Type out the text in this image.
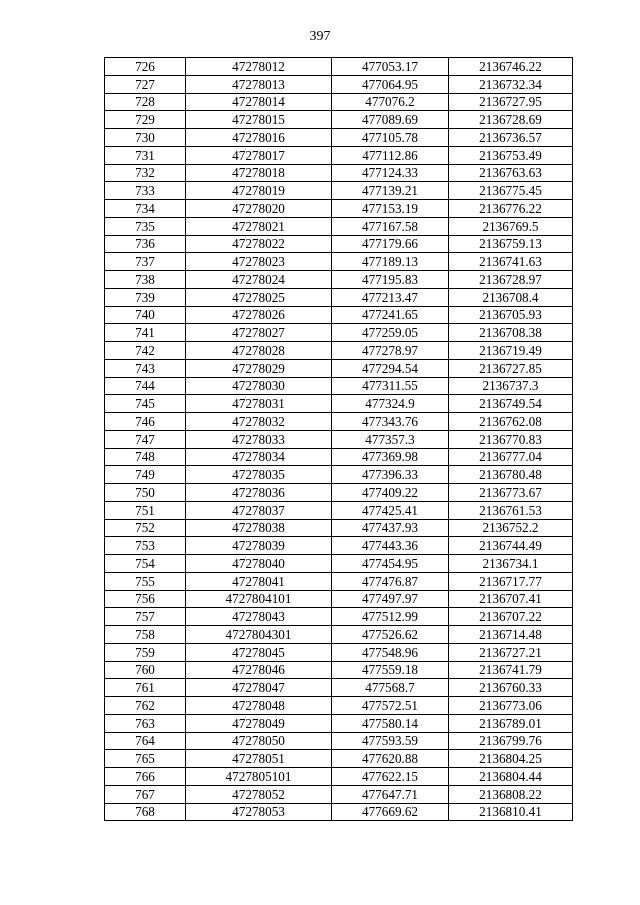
397
726	47278012	477053.17	2136746.22
727	47278013	477064.95	2136732.34
728	47278014	477076.2	2136727.95
729	47278015	477089.69	2136728.69
730	47278016	477105.78	2136736.57
731	47278017	477112.86	2136753.49
732	47278018	477124.33	2136763.63
733	47278019	477139.21	2136775.45
734	47278020	477153.19	2136776.22
735	47278021	477167.58	2136769.5
736	47278022	477179.66	2136759.13
737	47278023	477189.13	2136741.63
738	47278024	477195.83	2136728.97
739	47278025	477213.47	2136708.4
740	47278026	477241.65	2136705.93
741	47278027	477259.05	2136708.38
742	47278028	477278.97	2136719.49
743	47278029	477294.54	2136727.85
744	47278030	477311.55	2136737.3
745	47278031	477324.9	2136749.54
746	47278032	477343.76	2136762.08
747	47278033	477357.3	2136770.83
748	47278034	477369.98	2136777.04
749	47278035	477396.33	2136780.48
750	47278036	477409.22	2136773.67
751	47278037	477425.41	2136761.53
752	47278038	477437.93	2136752.2
753	47278039	477443.36	2136744.49
754	47278040	477454.95	2136734.1
755	47278041	477476.87	2136717.77
756	4727804101	477497.97	2136707.41
757	47278043	477512.99	2136707.22
758	4727804301	477526.62	2136714.48
759	47278045	477548.96	2136727.21
760	47278046	477559.18	2136741.79
761	47278047	477568.7	2136760.33
762	47278048	477572.51	2136773.06
763	47278049	477580.14	2136789.01
764	47278050	477593.59	2136799.76
765	47278051	477620.88	2136804.25
766	4727805101	477622.15	2136804.44
767	47278052	477647.71	2136808.22
768	47278053	477669.62	2136810.41
